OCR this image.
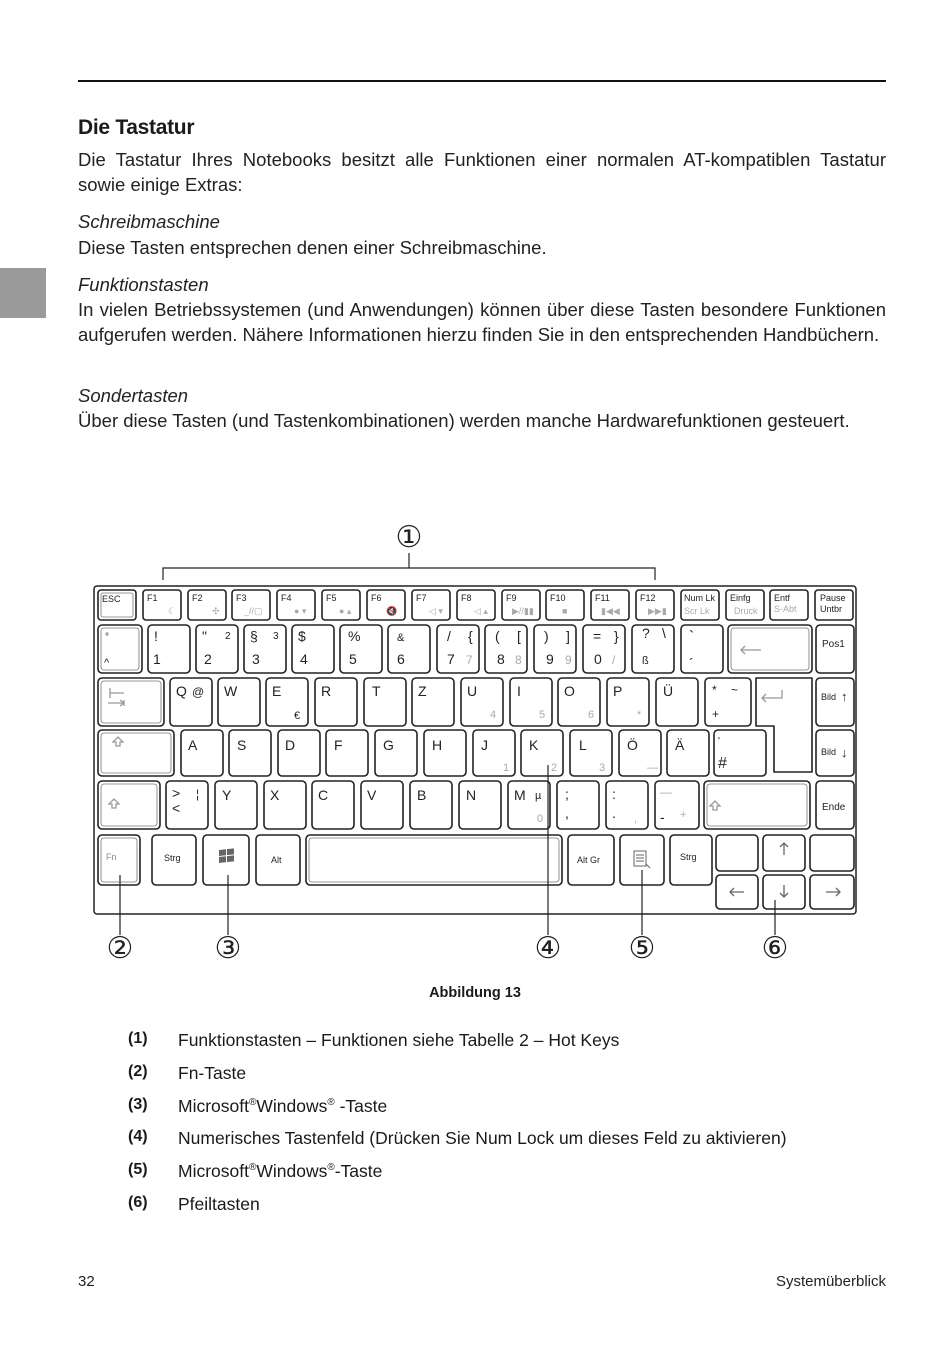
Die Tastatur

Die Tastatur Ihres Notebooks besitzt alle Funktionen einer normalen AT-kompatiblen Tastatur sowie einige Extras:

Schreibmaschine

Diese Tasten entsprechen denen einer Schreibmaschine.

Funktionstasten

In vielen Betriebssystemen (und Anwendungen) können über diese Tasten besondere Funktionen aufgerufen werden. Nähere Informationen hierzu finden Sie in den entsprechenden Handbüchern.

Sondertasten

Über diese Tasten (und Tastenkombinationen) werden manche Hardwarefunktionen gesteuert.

①
ESC	F1	F2	F3	F4	F5	F6	F7	F8	F9	F10	F11	F12	Num Lk Einfg	Entf	Pause
Untbr
Scr Lk	Druck S-Abt
☾	✣	_//▢	● ▾	● ▴	🔇	◁ ▾	◁ ▴	▶//▮▮	■	▮◀◀	▶▶▮
°
^
!
1
" 2
2
§ 3
3
$
4
%
5
&
6
/ {
7
( [
8
) ]
9
= }
0
? \
ß
`
´
7	8	9	/
Pos1
Q @ W E
€
R	T	Z	U	I	O	P	Ü	* ~
+
4	5	6	*
Bild ↑
A	S	D	F	G	H	J	K	L	Ö	Ä	'
#
1	2	3	—
Bild ↓
> ¦
<
Y	X	C	V	B	N	M µ ;
,
:
.
—
-
0	,	+
Ende
Fn	Strg	Alt	Alt Gr	Strg
②	③	④ ⑤	⑥
Abbildung 13
(1) Funktionstasten – Funktionen siehe Tabelle 2 – Hot Keys
(2) Fn-Taste
(3) Microsoft®Windows® -Taste
(4) Numerisches Tastenfeld (Drücken Sie Num Lock um dieses Feld zu aktivieren)
(5) Microsoft®Windows®-Taste
(6) Pfeiltasten
32	Systemüberblick
